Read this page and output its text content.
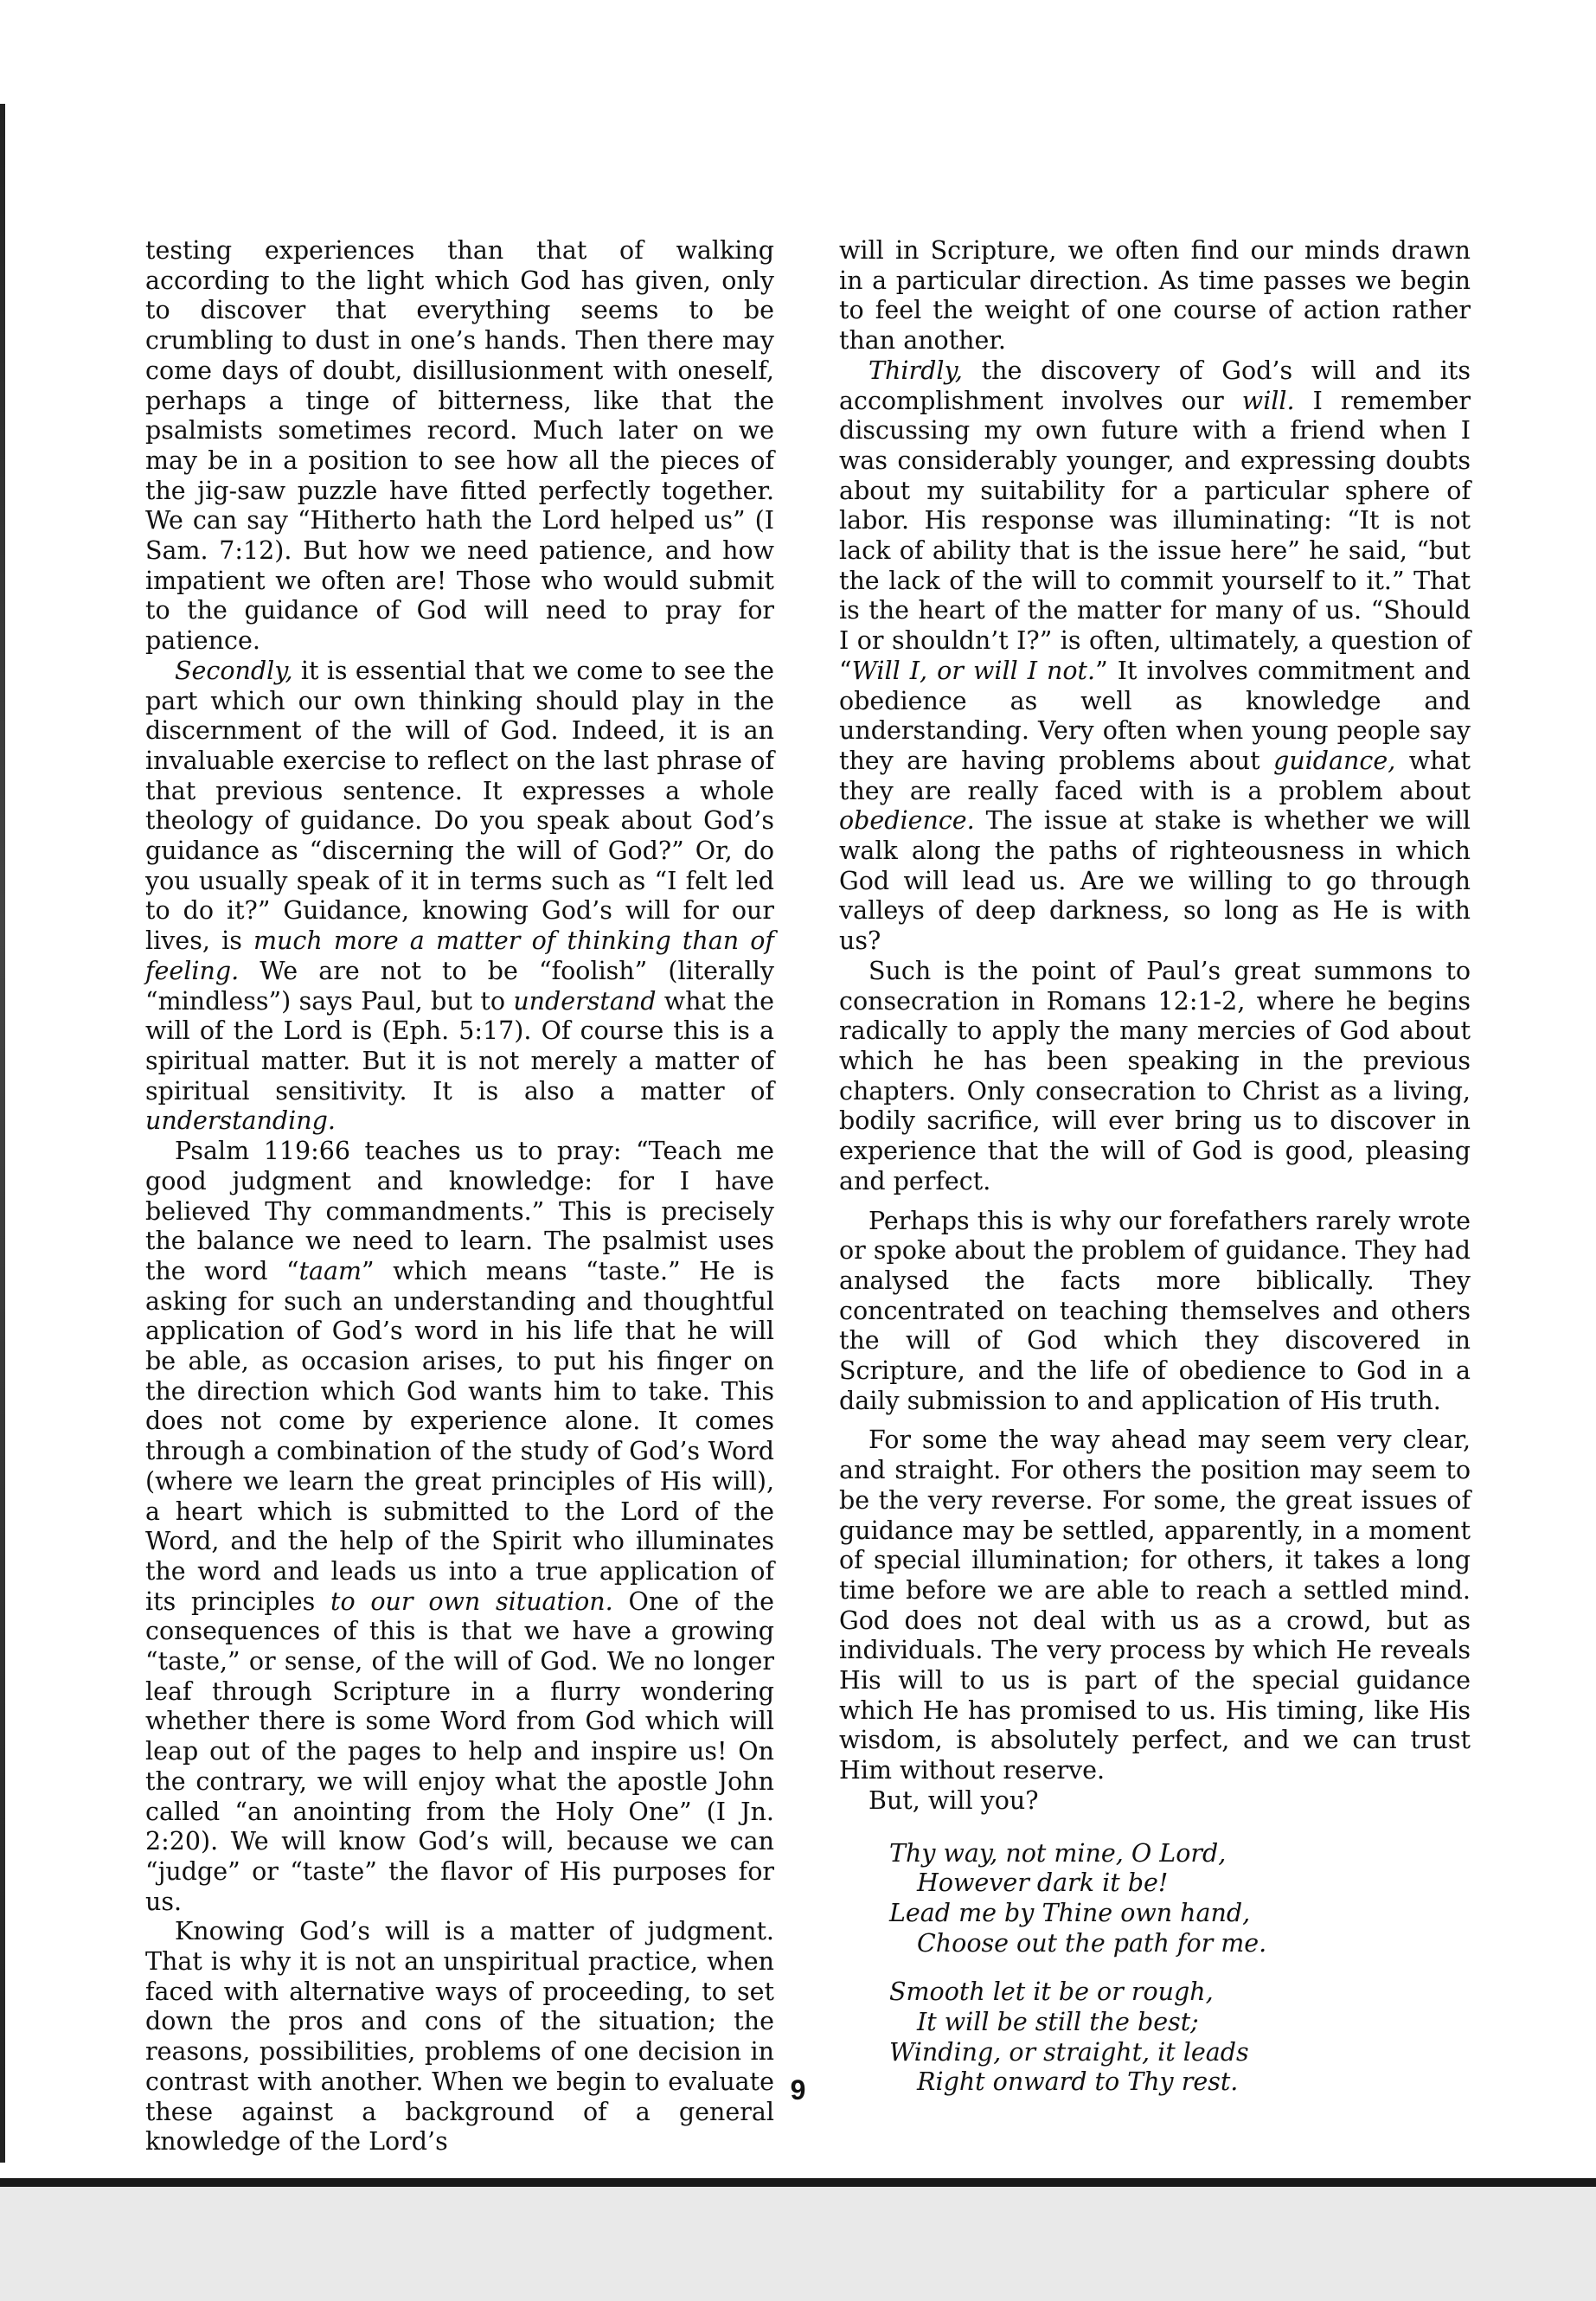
testing experiences than that of walking according to the light which God has given, only to discover that everything seems to be crumbling to dust in one’s hands. Then there may come days of doubt, disillusionment with oneself, perhaps a tinge of bitterness, like that the psalmists sometimes record. Much later on we may be in a position to see how all the pieces of the jig-saw puzzle have fitted perfectly together. We can say “Hitherto hath the Lord helped us” (I Sam. 7:12). But how we need patience, and how impatient we often are! Those who would submit to the guidance of God will need to pray for patience.

Secondly, it is essential that we come to see the part which our own thinking should play in the discernment of the will of God. Indeed, it is an invaluable exercise to reflect on the last phrase of that previous sentence. It expresses a whole theology of guidance. Do you speak about God’s guidance as “discerning the will of God?” Or, do you usually speak of it in terms such as “I felt led to do it?” Guidance, knowing God’s will for our lives, is much more a matter of thinking than of feeling. We are not to be “foolish” (literally “mindless”) says Paul, but to understand what the will of the Lord is (Eph. 5:17). Of course this is a spiritual matter. But it is not merely a matter of spiritual sensitivity. It is also a matter of understanding.

Psalm 119:66 teaches us to pray: “Teach me good judgment and knowledge: for I have believed Thy commandments.” This is precisely the balance we need to learn. The psalmist uses the word “taam” which means “taste.” He is asking for such an understanding and thoughtful application of God’s word in his life that he will be able, as occasion arises, to put his finger on the direction which God wants him to take. This does not come by experience alone. It comes through a combination of the study of God’s Word (where we learn the great principles of His will), a heart which is submitted to the Lord of the Word, and the help of the Spirit who illuminates the word and leads us into a true application of its principles to our own situation. One of the consequences of this is that we have a growing “taste,” or sense, of the will of God. We no longer leaf through Scripture in a flurry wondering whether there is some Word from God which will leap out of the pages to help and inspire us! On the contrary, we will enjoy what the apostle John called “an anointing from the Holy One” (I Jn. 2:20). We will know God’s will, because we can “judge” or “taste” the flavor of His purposes for us.

Knowing God’s will is a matter of judgment. That is why it is not an unspiritual practice, when faced with alternative ways of proceeding, to set down the pros and cons of the situation; the reasons, possibilities, problems of one decision in contrast with another. When we begin to evaluate these against a background of a general knowledge of the Lord’s

will in Scripture, we often find our minds drawn in a particular direction. As time passes we begin to feel the weight of one course of action rather than another.

Thirdly, the discovery of God’s will and its accomplishment involves our will. I remember discussing my own future with a friend when I was considerably younger, and expressing doubts about my suitability for a particular sphere of labor. His response was illuminating: “It is not lack of ability that is the issue here” he said, “but the lack of the will to commit yourself to it.” That is the heart of the matter for many of us. “Should I or shouldn’t I?” is often, ultimately, a question of “Will I, or will I not.” It involves commitment and obedience as well as knowledge and understanding. Very often when young people say they are having problems about guidance, what they are really faced with is a problem about obedience. The issue at stake is whether we will walk along the paths of righteousness in which God will lead us. Are we willing to go through valleys of deep darkness, so long as He is with us?

Such is the point of Paul’s great summons to consecration in Romans 12:1-2, where he begins radically to apply the many mercies of God about which he has been speaking in the previous chapters. Only consecration to Christ as a living, bodily sacrifice, will ever bring us to discover in experience that the will of God is good, pleasing and perfect.

Perhaps this is why our forefathers rarely wrote or spoke about the problem of guidance. They had analysed the facts more biblically. They concentrated on teaching themselves and others the will of God which they discovered in Scripture, and the life of obedience to God in a daily submission to and application of His truth.

For some the way ahead may seem very clear, and straight. For others the position may seem to be the very reverse. For some, the great issues of guidance may be settled, apparently, in a moment of special illumination; for others, it takes a long time before we are able to reach a settled mind. God does not deal with us as a crowd, but as individuals. The very process by which He reveals His will to us is part of the special guidance which He has promised to us. His timing, like His wisdom, is absolutely perfect, and we can trust Him without reserve.

But, will you?

Thy way, not mine, O Lord,
However dark it be!
Lead me by Thine own hand,
Choose out the path for me.
Smooth let it be or rough,
It will be still the best;
Winding, or straight, it leads
Right onward to Thy rest.
9
